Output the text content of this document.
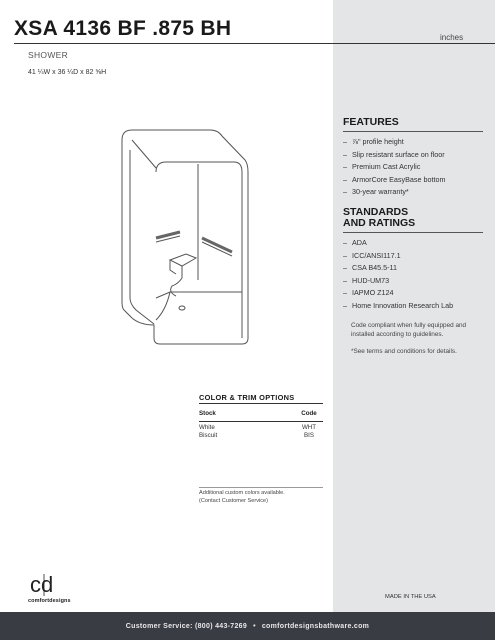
XSA 4136 BF .875 BH	inches
SHOWER
41 ¼W x 36 ¼D x 82 ⅝H
FEATURES
– ⅞" profile height
– Slip resistant surface on floor
– Premium Cast Acrylic
– ArmorCore EasyBase bottom
– 30-year warranty*
STANDARDS
AND RATINGS
– ADA
– ICC/ANSI117.1
– CSA B45.5-11
– HUD-UM73
– IAPMO Z124
– Home Innovation Research Lab
Code compliant when fully equipped and installed according to guidelines.
*See terms and conditions for details.
COLOR & TRIM OPTIONS
Stock	Code
White	WHT
Biscuit	BIS
Additional custom colors available.
(Contact Customer Service)
cd
comfortdesigns
MADE IN THE USA
Customer Service: (800) 443-7269 • comfortdesignsbathware.com
